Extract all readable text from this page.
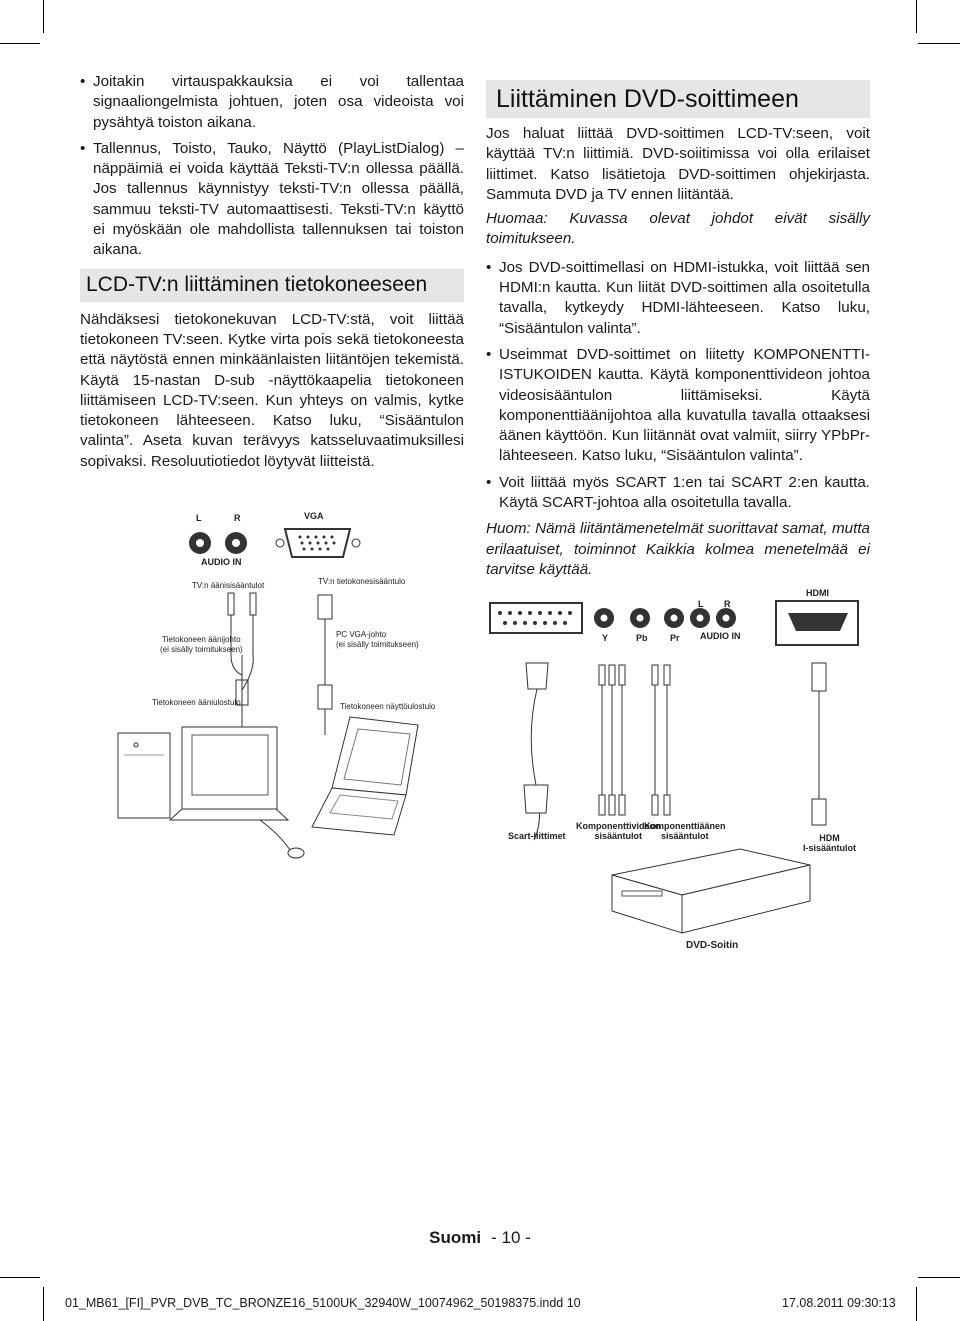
• Joitakin virtauspakkauksia ei voi tallentaa signaaliongelmista johtuen, joten osa videoista voi pysähtyä toiston aikana.
• Tallennus, Toisto, Tauko, Näyttö (PlayListDialog) –näppäimiä ei voida käyttää Teksti-TV:n ollessa päällä. Jos tallennus käynnistyy teksti-TV:n ollessa päällä, sammuu teksti-TV automaattisesti. Teksti-TV:n käyttö ei myöskään ole mahdollista tallennuksen tai toiston aikana.
LCD-TV:n liittäminen tietokoneeseen

Nähdäksesi tietokonekuvan LCD-TV:stä, voit liittää tietokoneen TV:seen. Kytke virta pois sekä tietokoneesta että näytöstä ennen minkäänlaisten liitäntöjen tekemistä. Käytä 15-nastan D-sub -näyttökaapelia tietokoneen liittämiseen LCD-TV:seen. Kun yhteys on valmis, kytke tietokoneen lähteeseen. Katso luku, “Sisääntulon valinta”. Aseta kuvan terävyys katsseluvaatimuksillesi sopivaksi. Resoluutiotiedot löytyvät liitteistä.

Liittäminen DVD-soittimeen

Jos haluat liittää DVD-soittimen LCD-TV:seen, voit käyttää TV:n liittimiä. DVD-soiitimissa voi olla erilaiset liittimet. Katso lisätietoja DVD-soittimen ohjekirjasta. Sammuta DVD ja TV ennen liitäntää.

Huomaa: Kuvassa olevat johdot eivät sisälly toimitukseen.

• Jos DVD-soittimellasi on HDMI-istukka, voit liittää sen HDMI:n kautta. Kun liität DVD-soittimen alla osoitetulla tavalla, kytkeydy HDMI-lähteeseen. Katso luku, “Sisääntulon valinta”.
• Useimmat DVD-soittimet on liitetty KOMPONENTTI-ISTUKOIDEN kautta. Käytä komponenttivideon johtoa videosisääntulon liittämiseksi. Käytä komponenttiäänijohtoa alla kuvatulla tavalla ottaaksesi äänen käyttöön. Kun liitännät ovat valmiit, siirry YPbPr-lähteeseen. Katso luku, “Sisääntulon valinta”.
• Voit liittää myös SCART 1:en tai SCART 2:en kautta. Käytä SCART-johtoa alla osoitetulla tavalla.

Huom: Nämä liitäntämenetelmät suorittavat samat, mutta erilaatuiset, toiminnot Kaikkia kolmea menetelmää ei tarvitse käyttää.

L	R	VGA
AUDIO IN
TV:n äänisisääntulot	TV:n tietokonesisääntulo
Tietokoneen äänijohto
(ei sisälly toimitukseen)
PC VGA-johto
(ei sisälly toimitukseen)
Tietokoneen ääniulostulo	Tietokoneen näyttöulostulo
HDMI
L R
Y	Pb Pr AUDIO IN
Scart-liittimet
Komponenttivideon
sisääntulot
Komponenttiäänen
sisääntulot	HDM
I-sisääntulot
DVD-Soitin
Suomi - 10 -
01_MB61_[FI]_PVR_DVB_TC_BRONZE16_5100UK_32940W_10074962_50198375.indd 10	17.08.2011 09:30:13
